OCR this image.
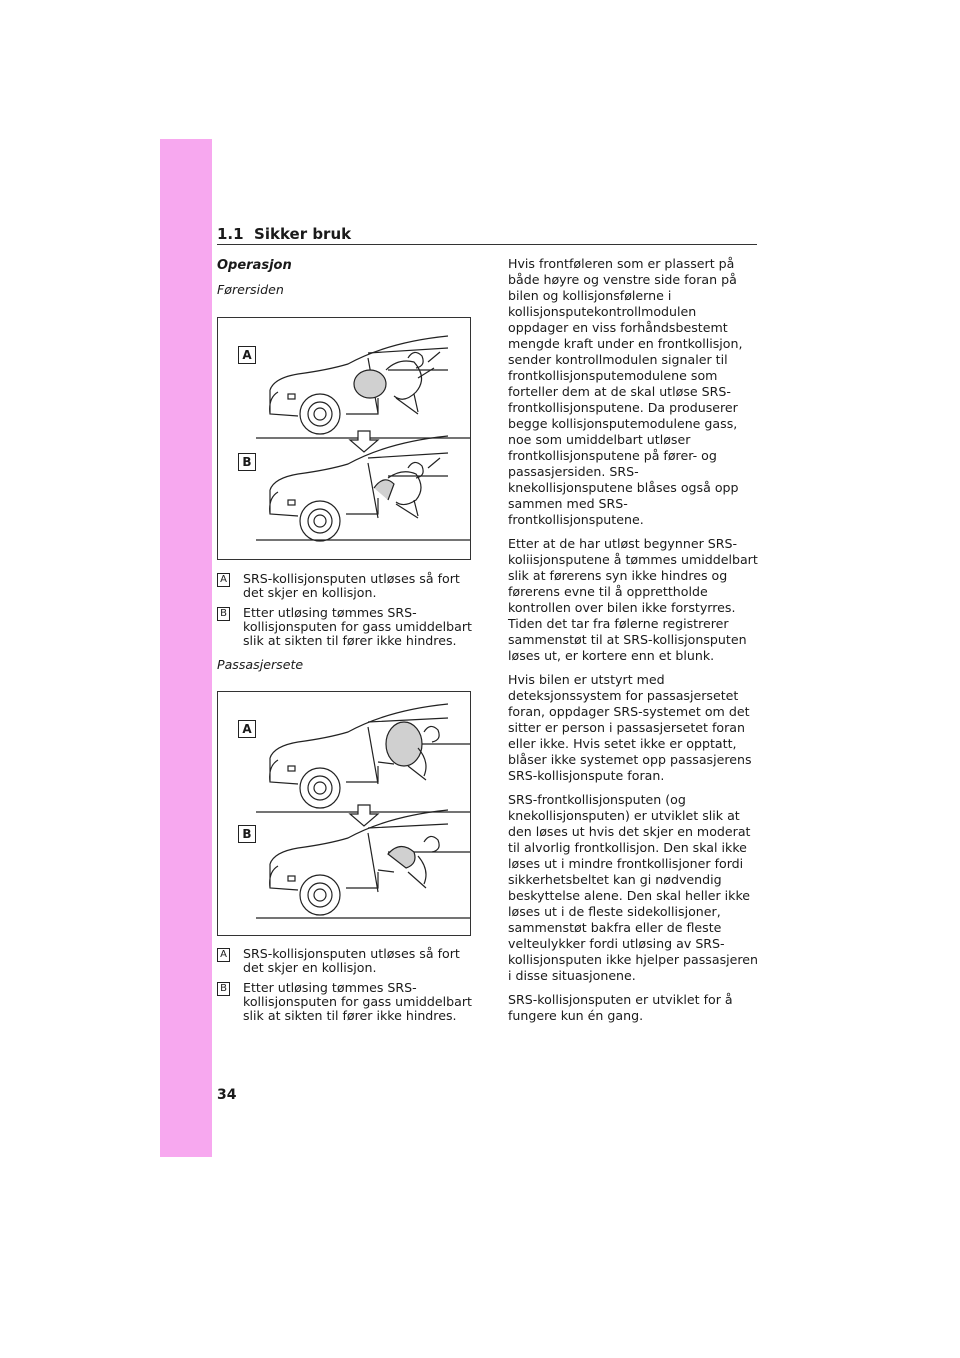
1.1 Sikker bruk

Operasjon

Førersiden

A
B
A SRS-kollisjonsputen utløses så fort det skjer en kollisjon.
B Etter utløsing tømmes SRS-kollisjonsputen for gass umiddelbart slik at sikten til fører ikke hindres.

Passasjersete

A
B
A SRS-kollisjonsputen utløses så fort det skjer en kollisjon.
B Etter utløsing tømmes SRS-kollisjonsputen for gass umiddelbart slik at sikten til fører ikke hindres.

Hvis frontføleren som er plassert på både høyre og venstre side foran på bilen og kollisjonsfølerne i kollisjonsputekontrollmodulen oppdager en viss forhåndsbestemt mengde kraft under en frontkollisjon, sender kontrollmodulen signaler til frontkollisjonsputemodulene som forteller dem at de skal utløse SRS-frontkollisjonsputene. Da produserer begge kollisjonsputemodulene gass, noe som umiddelbart utløser frontkollisjonsputene på fører- og passasjersiden. SRS-knekollisjonsputene blåses også opp sammen med SRS-frontkollisjonsputene.

Etter at de har utløst begynner SRS-koliisjonsputene å tømmes umiddelbart slik at førerens syn ikke hindres og førerens evne til å opprettholde kontrollen over bilen ikke forstyrres. Tiden det tar fra følerne registrerer sammenstøt til at SRS-kollisjonsputen løses ut, er kortere enn et blunk.

Hvis bilen er utstyrt med deteksjonssystem for passasjersetet foran, oppdager SRS-systemet om det sitter er person i passasjersetet foran eller ikke. Hvis setet ikke er opptatt, blåser ikke systemet opp passasjerens SRS-kollisjonspute foran.

SRS-frontkollisjonsputen (og knekollisjonsputen) er utviklet slik at den løses ut hvis det skjer en moderat til alvorlig frontkollisjon. Den skal ikke løses ut i mindre frontkollisjoner fordi sikkerhetsbeltet kan gi nødvendig beskyttelse alene. Den skal heller ikke løses ut i de fleste sidekollisjoner, sammenstøt bakfra eller de fleste velteulykker fordi utløsing av SRS-kollisjonsputen ikke hjelper passasjeren i disse situasjonene.

SRS-kollisjonsputen er utviklet for å fungere kun én gang.

34
